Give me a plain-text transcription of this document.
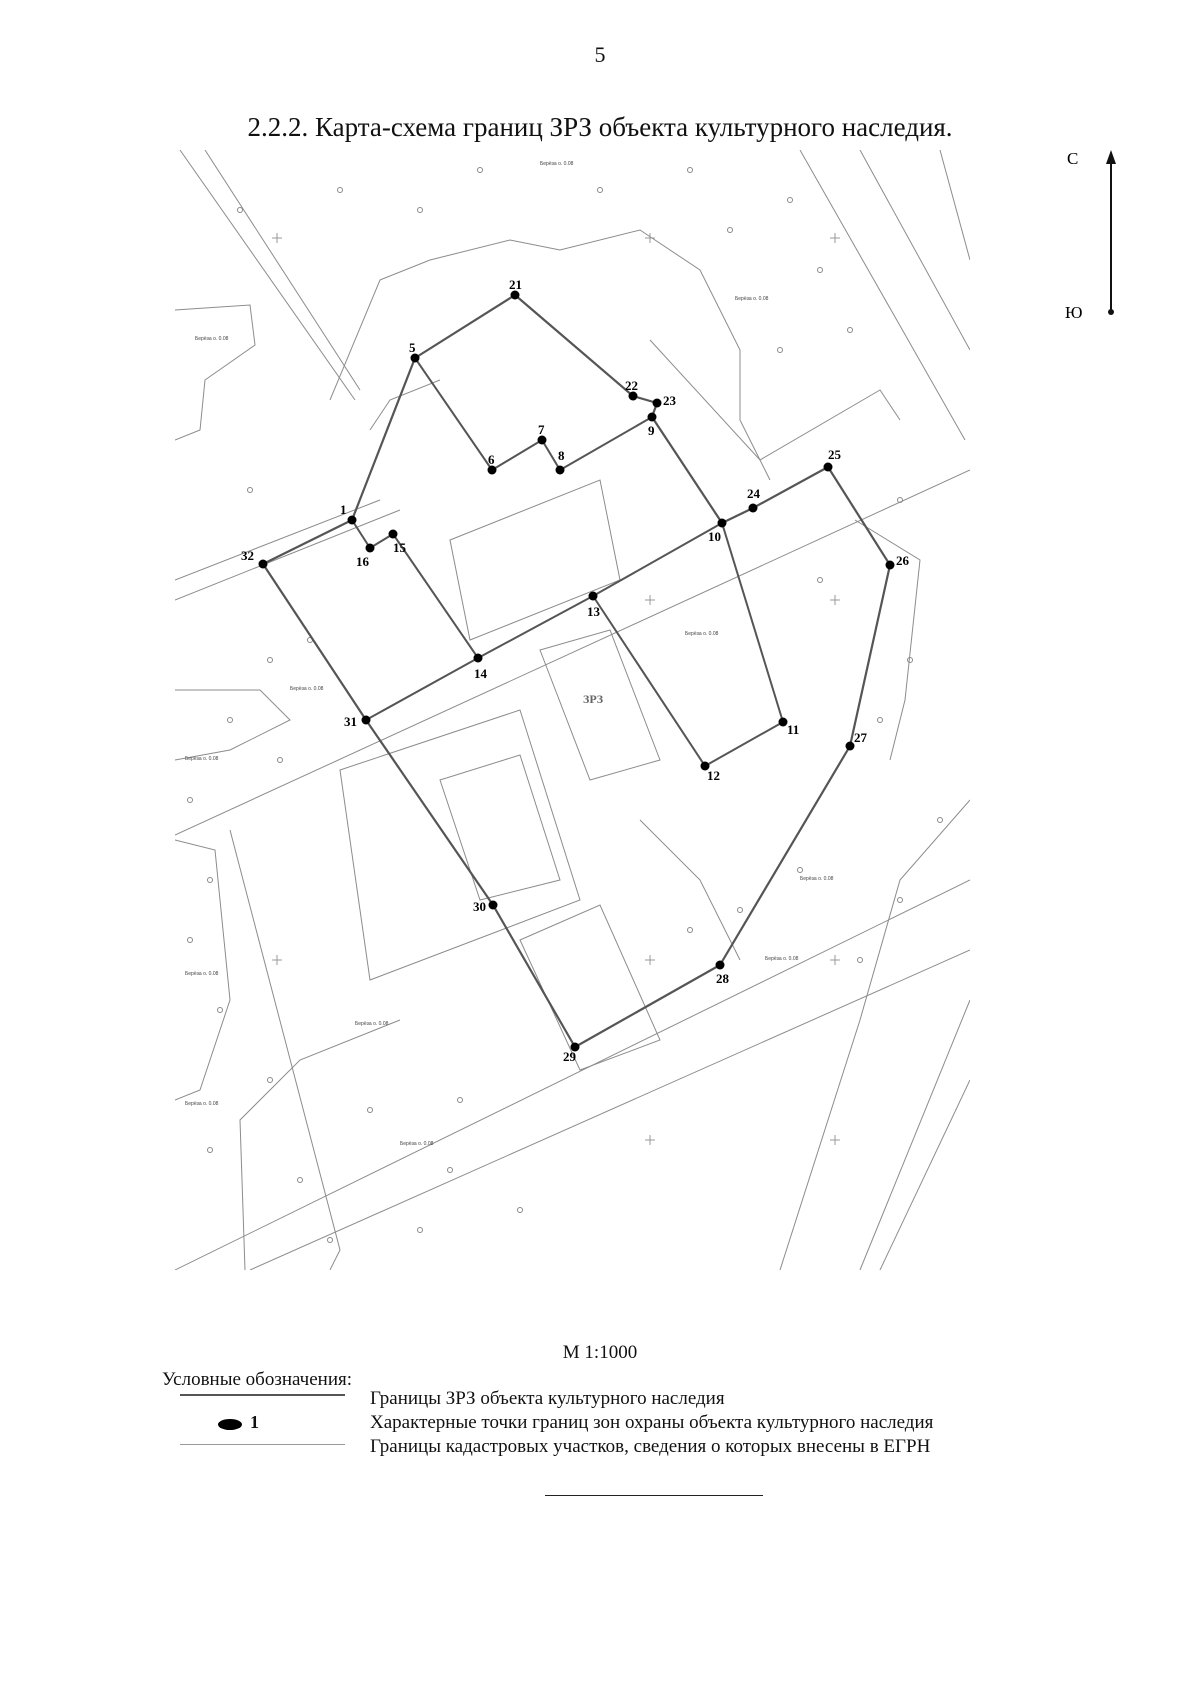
5
2.2.2. Карта-схема границ ЗРЗ объекта культурного наследия.
Берёза о. 0.08
Берёза о. 0.08
Берёза о. 0.08
Берёза о. 0.08
Берёза о. 0.08
Берёза о. 0.08
Берёза о. 0.08
Берёза о. 0.08
Берёза о. 0.08
Берёза о. 0.08
Берёза о. 0.08
Берёза о. 0.08
ЗРЗ
1
5
6
7
8
9
10
11
12
13
14
15
16
21
22
23
24
25
26
27
28
29
30
31
32
С
Ю
М 1:1000
Условные обозначения:
Границы ЗРЗ объекта культурного наследия
1	Характерные точки границ зон охраны объекта культурного наследия
Границы кадастровых участков, сведения о которых внесены в ЕГРН
